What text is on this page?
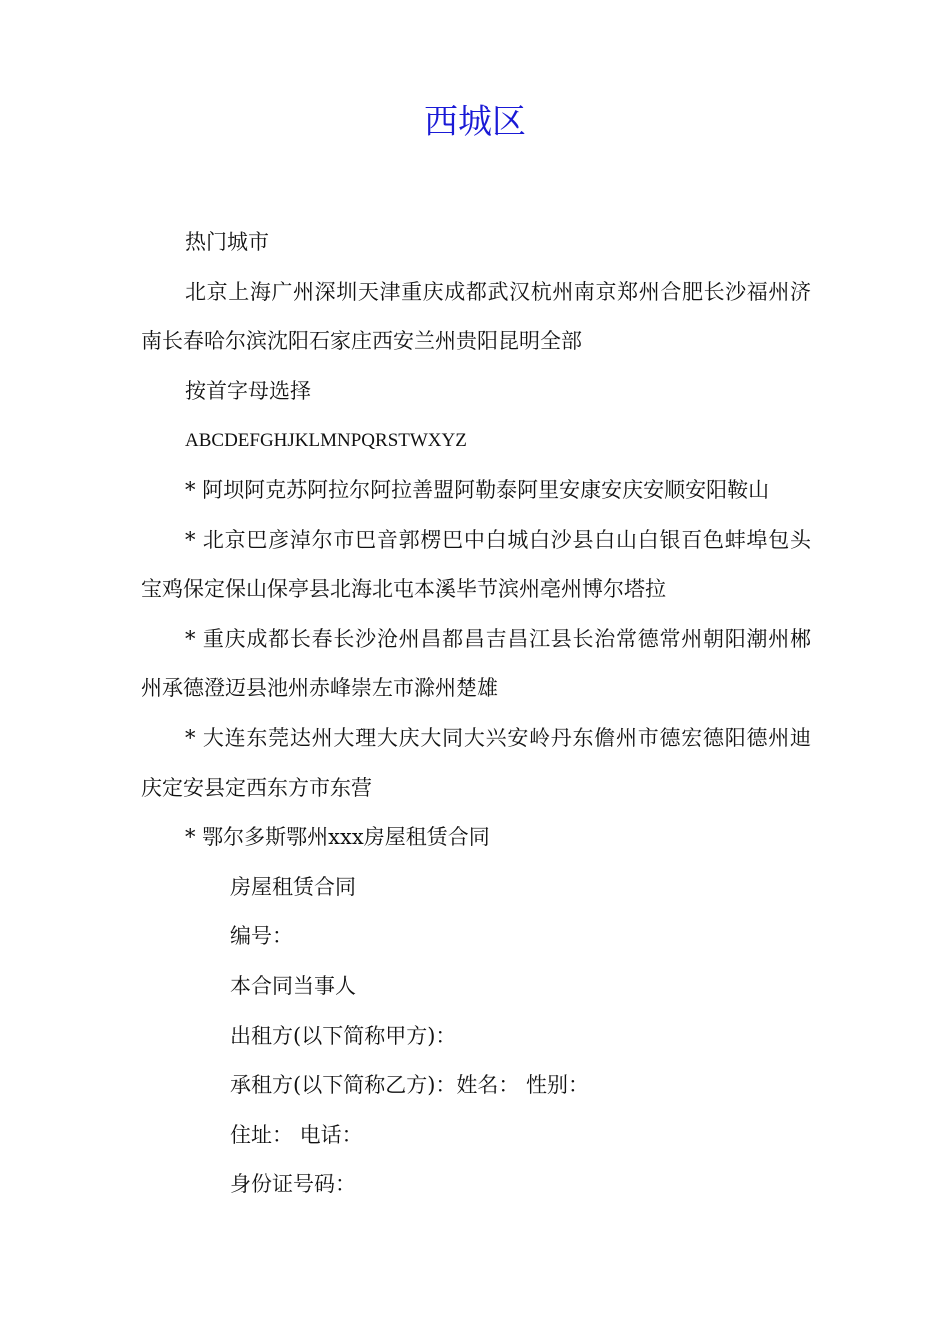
西城区

热门城市

北京上海广州深圳天津重庆成都武汉杭州南京郑州合肥长沙福州济南长春哈尔滨沈阳石家庄西安兰州贵阳昆明全部

按首字母选择

ABCDEFGHJKLMNPQRSTWXYZ

* 阿坝阿克苏阿拉尔阿拉善盟阿勒泰阿里安康安庆安顺安阳鞍山

* 北京巴彦淖尔市巴音郭楞巴中白城白沙县白山白银百色蚌埠包头宝鸡保定保山保亭县北海北屯本溪毕节滨州亳州博尔塔拉

* 重庆成都长春长沙沧州昌都昌吉昌江县长治常德常州朝阳潮州郴州承德澄迈县池州赤峰崇左市滁州楚雄

* 大连东莞达州大理大庆大同大兴安岭丹东儋州市德宏德阳德州迪庆定安县定西东方市东营

* 鄂尔多斯鄂州xxx房屋租赁合同

房屋租赁合同

编号：

本合同当事人

出租方(以下简称甲方)：

承租方(以下简称乙方)：姓名： 性别：

住址： 电话：

身份证号码：
